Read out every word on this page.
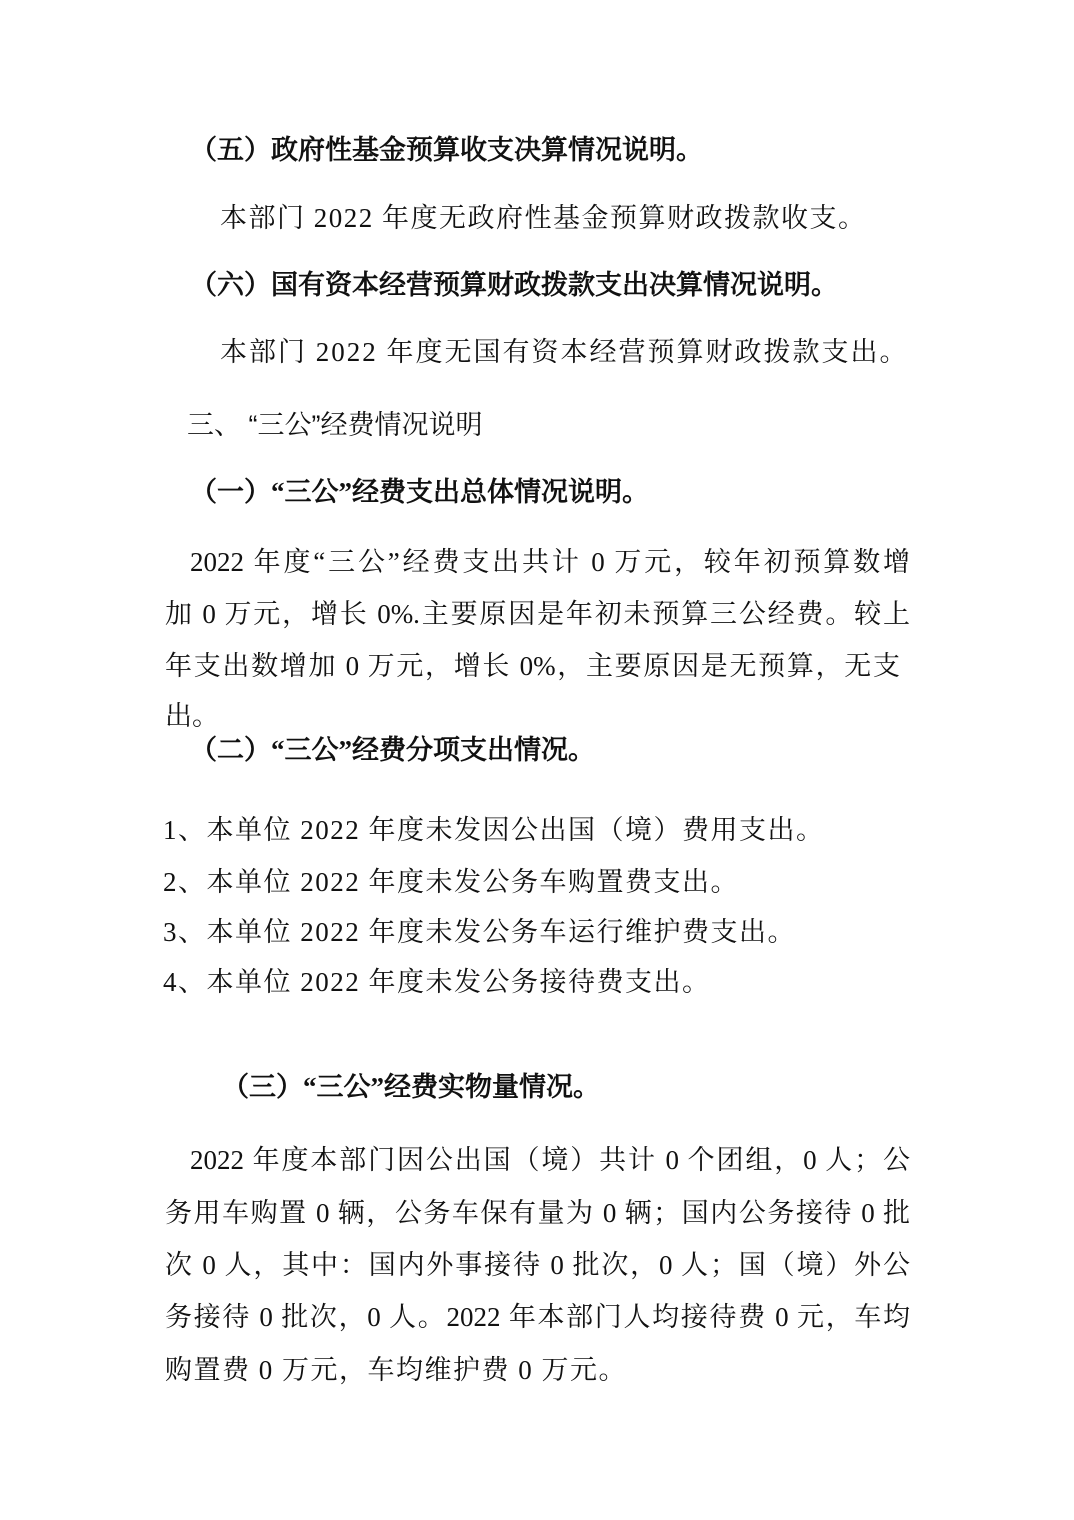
（五）政府性基金预算收支决算情况说明。
本部门 2022 年度无政府性基金预算财政拨款收支。
（六）国有资本经营预算财政拨款支出决算情况说明。
本部门 2022 年度无国有资本经营预算财政拨款支出。
三、 “三公”经费情况说明
（一）“三公”经费支出总体情况说明。
2022 年度“三公”经费支出共计 0 万元，较年初预算数增
加 0 万元，增长 0%.主要原因是年初未预算三公经费。较上
年支出数增加 0 万元，增长 0%，主要原因是无预算，无支
出。
（二）“三公”经费分项支出情况。
1、本单位 2022 年度未发因公出国（境）费用支出。
2、本单位 2022 年度未发公务车购置费支出。
3、本单位 2022 年度未发公务车运行维护费支出。
4、本单位 2022 年度未发公务接待费支出。
（三）“三公”经费实物量情况。
2022 年度本部门因公出国（境）共计 0 个团组，0 人；公
务用车购置 0 辆，公务车保有量为 0 辆；国内公务接待 0 批
次 0 人，其中：国内外事接待 0 批次，0 人；国（境）外公
务接待 0 批次，0 人。2022 年本部门人均接待费 0 元，车均
购置费 0 万元，车均维护费 0 万元。
